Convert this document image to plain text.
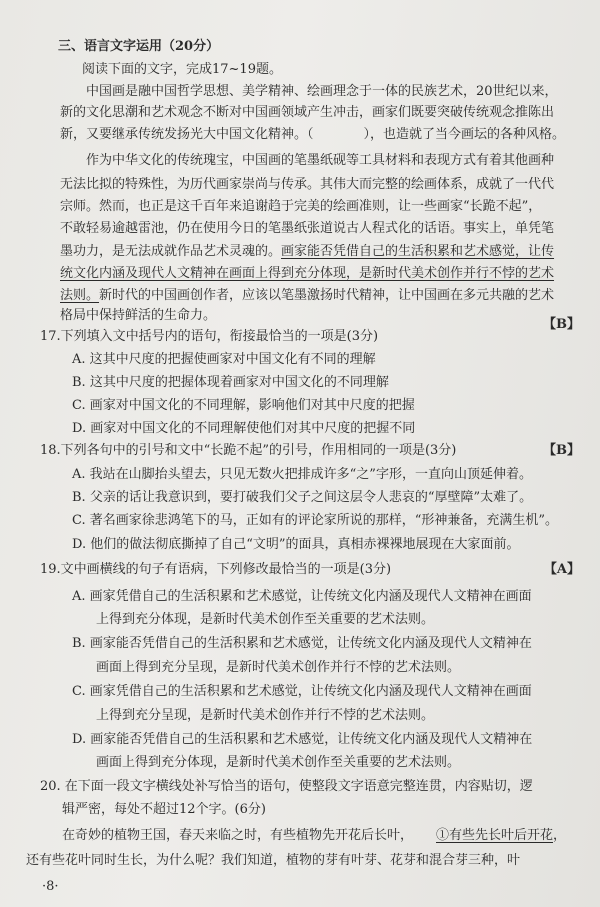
三、语言文字运用（20分）
阅读下面的文字，完成17~19题。
中国画是融中国哲学思想、美学精神、绘画理念于一体的民族艺术，20世纪以来，
新的文化思潮和艺术观念不断对中国画领域产生冲击，画家们既要突破传统观念推陈出
新，又要继承传统发扬光大中国文化精神。（	），也造就了当今画坛的各种风格。
作为中华文化的传统瑰宝，中国画的笔墨纸砚等工具材料和表现方式有着其他画种
无法比拟的特殊性，为历代画家崇尚与传承。其伟大而完整的绘画体系，成就了一代代
宗师。然而，也正是这千百年来追谢趋于完美的绘画准则，让一些画家“长跪不起”，
不敢轻易逾越雷池，仍在使用今日的笔墨纸张道说古人程式化的话语。事实上，单凭笔
墨功力，是无法成就作品艺术灵魂的。画家能否凭借自己的生活积累和艺术感觉，让传
统文化内涵及现代人文精神在画面上得到充分体现，是新时代美术创作并行不悖的艺术
法则。新时代的中国画创作者，应该以笔墨激扬时代精神，让中国画在多元共融的艺术
格局中保持鲜活的生命力。
17.下列填入文中括号内的语句，衔接最恰当的一项是(3分)
【B】
A. 这其中尺度的把握使画家对中国文化有不同的理解
B. 这其中尺度的把握体现着画家对中国文化的不同理解
C. 画家对中国文化的不同理解，影响他们对其中尺度的把握
D. 画家对中国文化的不同理解使他们对其中尺度的把握不同
18.下列各句中的引号和文中“长跪不起”的引号，作用相同的一项是(3分)	【B】
A. 我站在山脚抬头望去，只见无数火把排成许多“之”字形，一直向山顶延伸着。
B. 父亲的话让我意识到，要打破我们父子之间这层令人悲哀的“厚壁障”太难了。
C. 著名画家徐悲鸿笔下的马，正如有的评论家所说的那样，“形神兼备，充满生机”。
D. 他们的做法彻底撕掉了自己“文明”的面具，真相赤裸裸地展现在大家面前。
19.文中画横线的句子有语病，下列修改最恰当的一项是(3分)	【A】
A. 画家凭借自己的生活积累和艺术感觉，让传统文化内涵及现代人文精神在画面
上得到充分体现，是新时代美术创作至关重要的艺术法则。
B. 画家能否凭借自己的生活积累和艺术感觉，让传统文化内涵及现代人文精神在
画面上得到充分呈现，是新时代美术创作并行不悖的艺术法则。
C. 画家凭借自己的生活积累和艺术感觉，让传统文化内涵及现代人文精神在画面
上得到充分呈现，是新时代美术创作并行不悖的艺术法则。
D. 画家能否凭借自己的生活积累和艺术感觉，让传统文化内涵及现代人文精神在
画面上得到充分体现，是新时代美术创作至关重要的艺术法则。
20. 在下面一段文字横线处补写恰当的语句，使整段文字语意完整连贯，内容贴切，逻
辑严密，每处不超过12个字。(6分)
在奇妙的植物王国，春天来临之时，有些植物先开花后长叶， ①有些先长叶后开花，
还有些花叶同时生长，为什么呢？我们知道，植物的芽有叶芽、花芽和混合芽三种，叶
·8·
